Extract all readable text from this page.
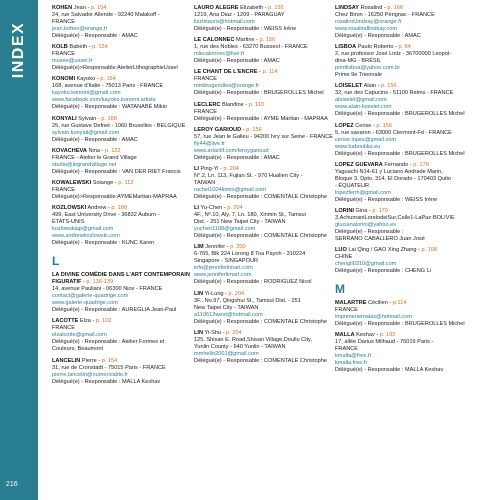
INDEX
216
KOHEN Jean - p. 154
24, rue Salvador Allende - 92240 Malakoff -
FRANCE
jean.kohen@orange.fr
Délégué(e) - Responsable : AMAC
KOLB Babeth - p. 124
FRANCE
musee@ussel.fr
Délégué(e)>Responsable:AtelierLithographieUssel
KONOMI Kayoko - p. 154
168, avenue d'Italie - 75013 Paris - FRANCE
kayoko.konomi@gmail.com
www.facebook.com/kayoko.konomi.artiste
Délégué(e) - Responsable : WATANABÉ Mikio
KONYALI Sylvain - p. 168
25, rue Gustave Defnet - 1060 Bruxelles - BELGIQUE
sylvain.konyali@gmail.com
Délégué(e) - Responsable : AMAC
KOVACHEVA Nina - p. 122
FRANCE - Atelier le Grand Village
studio@legrandvillage.net
Délégué(e) - Responsable : VAN DER RIET Francis
KOWALEWSKI Solange - p. 112
FRANCE
Délégué(e)>Responsable:AYMEMartian-MAPRAA
KOZLOWSKI Andrew - p. 180
499, East University Drive - 36832 Auburn -
ÉTATS-UNIS
kozlowskiap@gmail.com
www.andrewkozlowski.com
Délégué(e) - Responsable : KUNC Karen
L
LA DIVINE COMÉDIE DANS L'ART CONTEMPORAIN FIGURATIF - p. 136-139
14, avenue Pauliani - 06300 Nice - FRANCE
contact@galerie-quadrige.com
www.galerie-quadrige.com
Délégué(e) - Responsable : AUREGLIA Jean-Paul
LACOTTE Elza - p. 102
FRANCE
elzalcotte@gmail.com
Délégué(e) - Responsable : Atelier Formes et
Couleurs, Beaumont
LANCELIN Pierre - p. 154
31, rue de Cronstadt - 75015 Paris - FRANCE
pierre.lancelin@numericable.fr
Délégué(e) - Responsable : MALLA Keshav
LAURO ALEGRE Elizabeth - p. 192
1219, Ana Diaz - 1209 - PARAGUAY
lizzielauro@hotmail.com
Délégué(e) - Responsable : WEISS Irène
LE CALONNEC Martine - p. 156
1, rue des Nobles - 63270 Busseol - FRANCE
mlecalonnec@live.fr
Délégué(e) - Responsable : AMAC
LE CHANT DE L'ENCRE - p. 114
FRANCE
mmbrugerolles@orange.fr
Délégué(e) - Responsable : BRUGEROLLES Michel
LECLERC Blandine - p. 110
FRANCE
Délégué(e) - Responsable : AYME Martian - MAPRAA
LEROY GARIOUD - p. 156
57, rue Jean le Galleu - 94200 Ivry sur Seine - FRANCE
fly44@live.fr
www.artactif.com/leroygarioud
Délégué(e) - Responsable : AMAC
LI Ping-Yi - p. 204
N°.2, Ln. 113, Fujian St. - 970 Hualien City -
TAIWAN
rachel1004kimio@gmail.com
Délégué(e) - Responsable : COMENTALE Christophe
LI Yu-Chen - p. 204
4F., Nº.10, Aly. 7, Ln. 180, Xinmin St., Tamsui
Dist. - 251 New Taipei City - TAIWAN
yuchen1108@gmail.com
Délégué(e) - Responsable : COMENTALE Christophe
LIM Jennifer - p. 200
6-765, Blk 224 Lorong 8 Toa Payoh - 310224
Singapore - SINGAPOUR
info@jenniferlimart.com
www.jenniferlimart.com
Délégué(e) - Responsable : RODRIGUEZ Nicol
LIN Yi-Lung - p. 204
3F., No.97, Qingshui St., Tamsui Dist. - 251
New Taipei City - TAIWAN
a110612west@hotmail.com
Délégué(e) - Responsable : COMENTALE Christophe
LIN Yi-Shu - p. 204
125, Shisan E. Road,Shisan Village,Doullu City,
Yunlin County - 640 Yunlin - TAIWAN
mmhello2001@gmail.com
Délégué(e) - Responsable : COMENTALE Christophe
LINDSAY Rosalind - p. 166
Chez Biron - 16250 Pérignac - FRANCE
rosalind.lindsay@orange.fr
www.rosalindlindsay.com
Délégué(e) - Responsable : AMAC
LISBOA Paulo Roberto - p. 64
2, rue professor José Lintz - 36700000 Leopol-
dina-MG - BRÉSIL
printlisboa@yahoo.com.br
Prime 9e Triennale
LOISELET Alain - p. 156
32, rue des Capucins - 51100 Reims - FRANCE
aloiselet@gmail.com
www.alain-loiselet.com
Délégué(e) - Responsable : BRUGEROLLES Michel
LOPEZ Cerise - p. 156
5, rue savaron - 63000 Clermont-Fd - FRANCE
cerise.lopez@gmail.com
www.baboutika.eu
Délégué(e) - Responsable : BRUGEROLLES Michel
LOPEZ GUEVARA Fernando - p. 178
Yaguachi N14-61 y Luciano Andrade Marin,
Bloque 3, Dpto. 314, El Dorado - 170403 Quito
- ÉQUATEUR
lopezferm@gmail.com
Délégué(e) - Responsable : WEISS Irène
LORINI Gina - p. 170
3,AchumaniLorelodelSur,Calle1-LaPaz-BOLIVIE
glucianalorini@yahoo.es
Délégué(e) - Responsable :
SERRANO CABALLERO Juan José
LUO Lai Qing / GAO Xing Zhang - p. 108
CHINE
chengli0310@gmail.com
Délégué(e) - Responsable : CHENG Li
M
MALARTRE Cécilien - p.114
FRANCE
imprimeriemalas@hotmail.com
Délégué(e) - Responsable : BRUGEROLLES Michel
MALLA Keshav - p. 192
17, allée Darius Milhaud - 75019 Paris -
FRANCE
kmalla@free.fr
kmalla.free.fr
Délégué(e) - Responsable : MALLA Keshav
